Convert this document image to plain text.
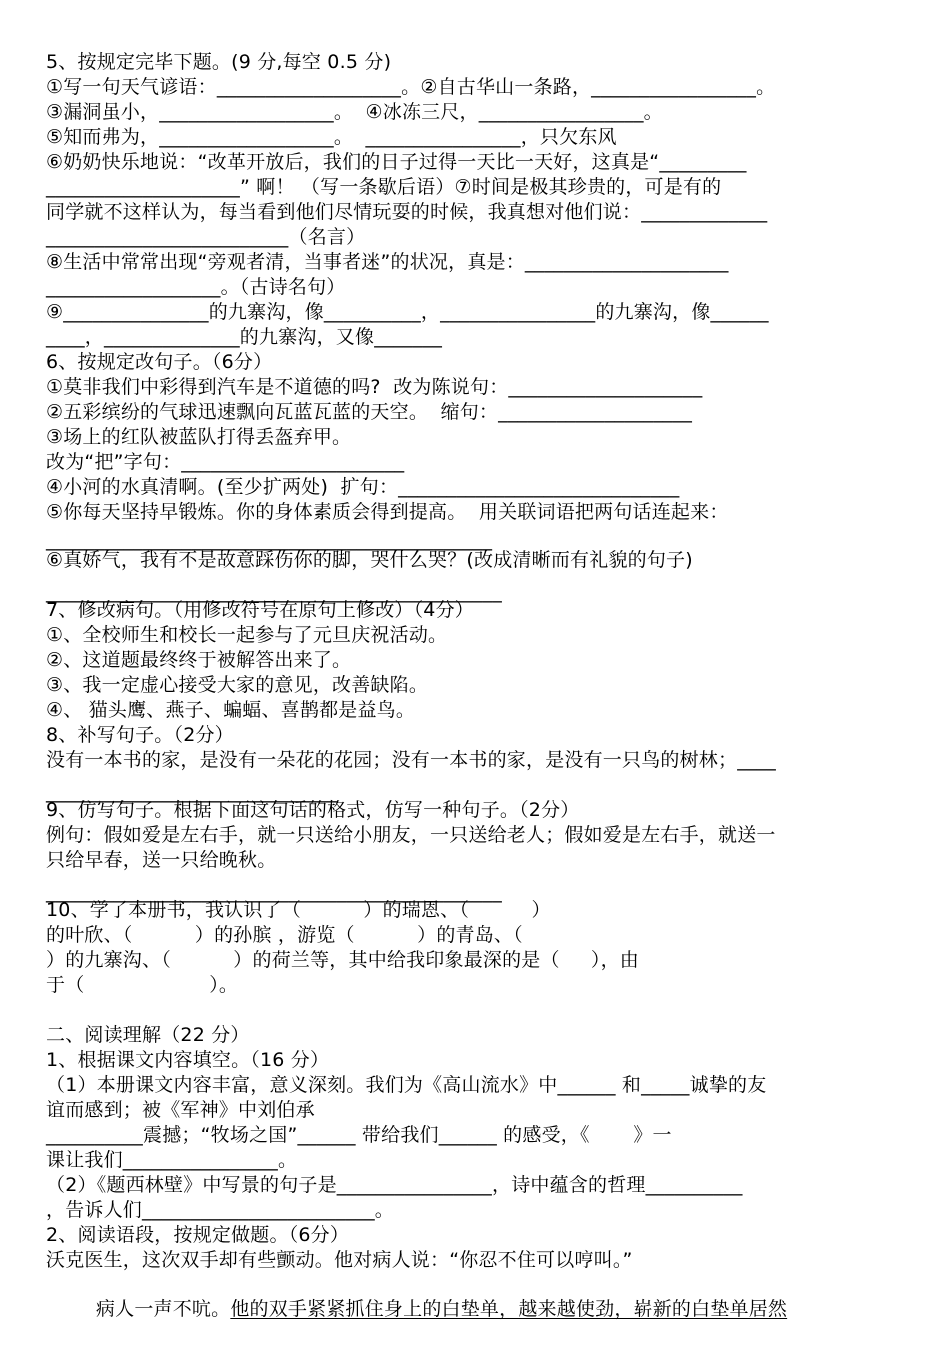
5、按规定完毕下题。(9 分,每空 0.5 分)
①写一句天气谚语：___________________。②自古华山一条路，_________________。
③漏洞虽小，__________________。  ④冰冻三尺，_________________。
⑤知而弗为，__________________。  ________________，只欠东风
⑥奶奶快乐地说：“改革开放后，我们的日子过得一天比一天好，这真是“_________
____________________” 啊！ （写一条歇后语）⑦时间是极其珍贵的，可是有的
同学就不这样认为，每当看到他们尽情玩耍的时候，我真想对他们说：_____________
_________________________（名言）
⑧生活中常常出现“旁观者清，当事者迷”的状况，真是：_____________________
__________________。（古诗名句）
⑨_______________的九寨沟，像__________，________________的九寨沟，像______
____，______________的九寨沟，又像_______
6、按规定改句子。（6分）
①莫非我们中彩得到汽车是不道德的吗?  改为陈说句：____________________
②五彩缤纷的气球迅速飘向瓦蓝瓦蓝的天空。  缩句：____________________
③场上的红队被蓝队打得丢盔弃甲。
改为“把”字句：_______________________
④小河的水真清啊。(至少扩两处)  扩句：_____________________________
⑤你每天坚持早锻炼。你的身体素质会得到提高。  用关联词语把两句话连起来：
______________________________________________
⑥真娇气，我有不是故意踩伤你的脚，哭什么哭？(改成清晰而有礼貌的句子)
_______________________________________________
7、修改病句。（用修改符号在原句上修改）（4分）
①、全校师生和校长一起参与了元旦庆祝活动。
②、这道题最终终于被解答出来了。
③、我一定虚心接受大家的意见，改善缺陷。
④、 猫头鹰、燕子、蝙蝠、喜鹊都是益鸟。
8、补写句子。（2分）
没有一本书的家，是没有一朵花的花园；没有一本书的家，是没有一只鸟的树林；____
______________________________
9、仿写句子。根据下面这句话的格式，仿写一种句子。（2分）
例句：假如爱是左右手，就一只送给小朋友，一只送给老人；假如爱是左右手，就送一
只给早春，送一只给晚秋。
_______________________________________________
10、学了本册书，我认识了（          ）的瑞恩、（          ）
的叶欣、（          ）的孙膑 ，游览（          ）的青岛、（
）的九寨沟、（          ）的荷兰等，其中给我印象最深的是（     ），由
于（                    ）。
二、阅读理解（22 分）
1、根据课文内容填空。（16 分）
（1）本册课文内容丰富，意义深刻。我们为《高山流水》中______ 和_____诚挚的友
谊而感到；被《军神》中刘伯承
__________震撼；“牧场之国”______ 带给我们______ 的感受，《       》一
课让我们________________。
（2）《题西林壁》中写景的句子是________________，诗中蕴含的哲理__________
，告诉人们________________________。
2、阅读语段，按规定做题。（6分）
沃克医生，这次双手却有些颤动。他对病人说：“你忍不住可以哼叫。”

病人一声不吭。他的双手紧紧抓住身上的白垫单，越来越使劲，崭新的白垫单居然
